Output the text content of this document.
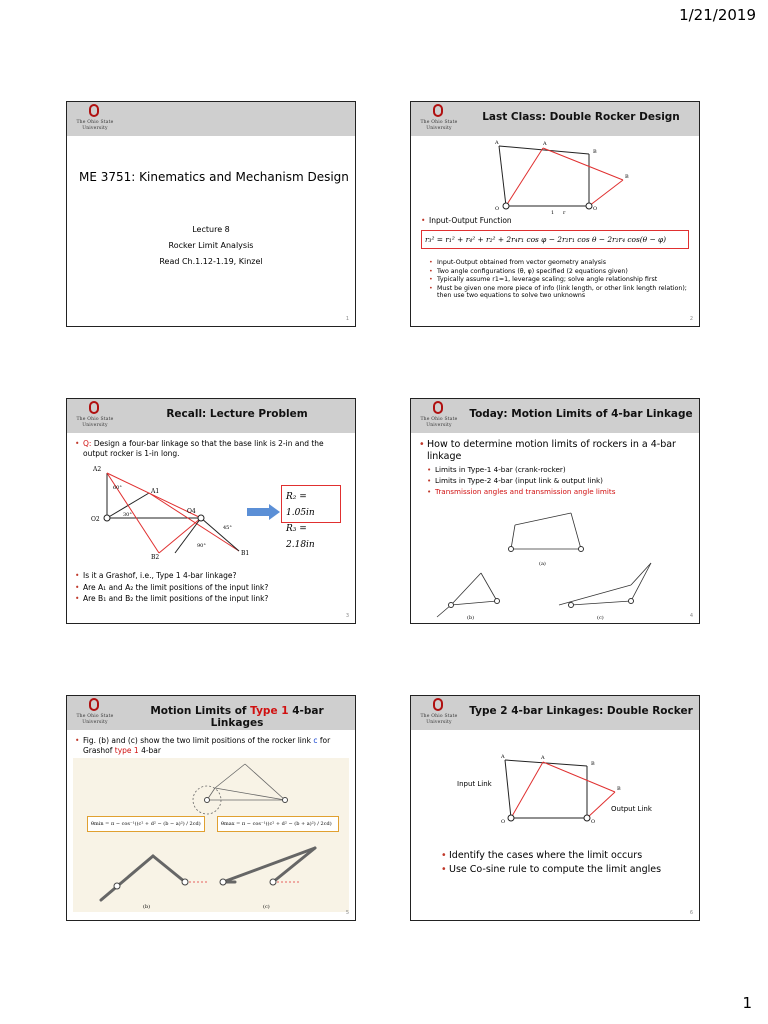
1/21/2019
1
The Ohio State
University
ME 3751: Kinematics and Mechanism Design
Lecture 8
Rocker Limit Analysis
Read Ch.1.12-1.19, Kinzel
1
The Ohio State
University
Last Class: Double Rocker Design
A	A
B
B
O	O
1 r
• Input-Output Function
r₃² = r₁² + r₄² + r₂² + 2r₄r₁ cos φ − 2r₂r₁ cos θ − 2r₂r₄ cos(θ − φ)
• Input-Output obtained from vector geometry analysis
• Two angle configurations (θ, φ) specified (2 equations given)
• Typically assume r1=1, leverage scaling; solve angle relationship first
• Must be given one more piece of info (link length, or other link length relation); then use two equations to solve two unknowns
2
The Ohio State
University
Recall: Lecture Problem
• Q: Design a four-bar linkage so that the base link is 2-in and the output rocker is 1-in long.
A2
A1
O2
O4
B2
B1
60°
30°
45°
90°
R₂ = 1.05in
R₃ = 2.18in
• Is it a Grashof, i.e., Type 1 4-bar linkage?
• Are A₁ and A₂ the limit positions of the input link?
• Are B₁ and B₂ the limit positions of the input link?
3
The Ohio State
University
Today: Motion Limits of 4-bar Linkage
• How to determine motion limits of rockers in a 4-bar linkage
• Limits in Type-1 4-bar (crank-rocker)
• Limits in Type-2 4-bar (input link & output link)
• Transmission angles and transmission angle limits
(a)
(b)	(c)	4
The Ohio State
University
Motion Limits of Type 1 4-bar Linkages
• Fig. (b) and (c) show the two limit positions of the rocker link c for Grashof type 1 4-bar
θmin = π − cos⁻¹((c² + d² − (b − a)²) / 2cd)	θmax = π − cos⁻¹((c² + d² − (b + a)²) / 2cd)
(b)	(c)
5
The Ohio State
University
Type 2 4-bar Linkages: Double Rocker
A	A
B
B
O	O
Input Link
Output Link
• Identify the cases where the limit occurs
• Use Co-sine rule to compute the limit angles
6
